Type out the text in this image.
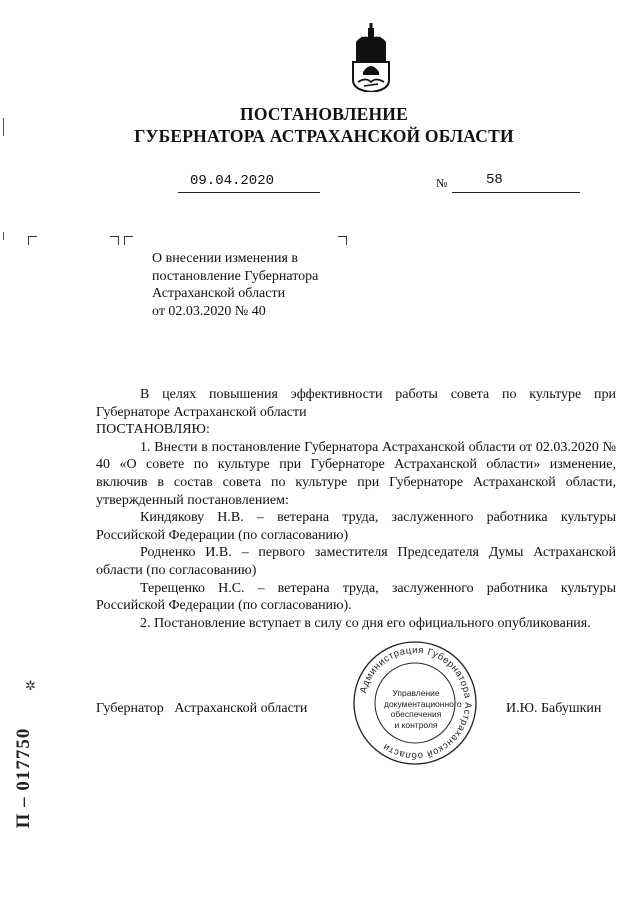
ПОСТАНОВЛЕНИЕ
ГУБЕРНАТОРА АСТРАХАНСКОЙ ОБЛАСТИ
09.04.2020	№	58
О внесении изменения в
постановление Губернатора
Астраханской области
от 02.03.2020 № 40

В целях повышения эффективности работы совета по культуре при Губернаторе Астраханской области

ПОСТАНОВЛЯЮ:

1. Внести в постановление Губернатора Астраханской области от 02.03.2020 № 40 «О совете по культуре при Губернаторе Астраханской области» изменение, включив в состав совета по культуре при Губернаторе Астраханской области, утвержденный постановлением:

Киндякову Н.В. – ветерана труда, заслуженного работника культуры Российской Федерации (по согласованию)

Родненко И.В. – первого заместителя Председателя Думы Астраханской области (по согласованию)

Терещенко Н.С. – ветерана труда, заслуженного работника культуры Российской Федерации (по согласованию).

2. Постановление вступает в силу со дня его официального опубликования.

Администрация Губернатора Астраханской области
Управление
документационного
обеспечения
и контроля
Губернатор   Астраханской области	И.Ю. Бабушкин
✲
П – 017750
